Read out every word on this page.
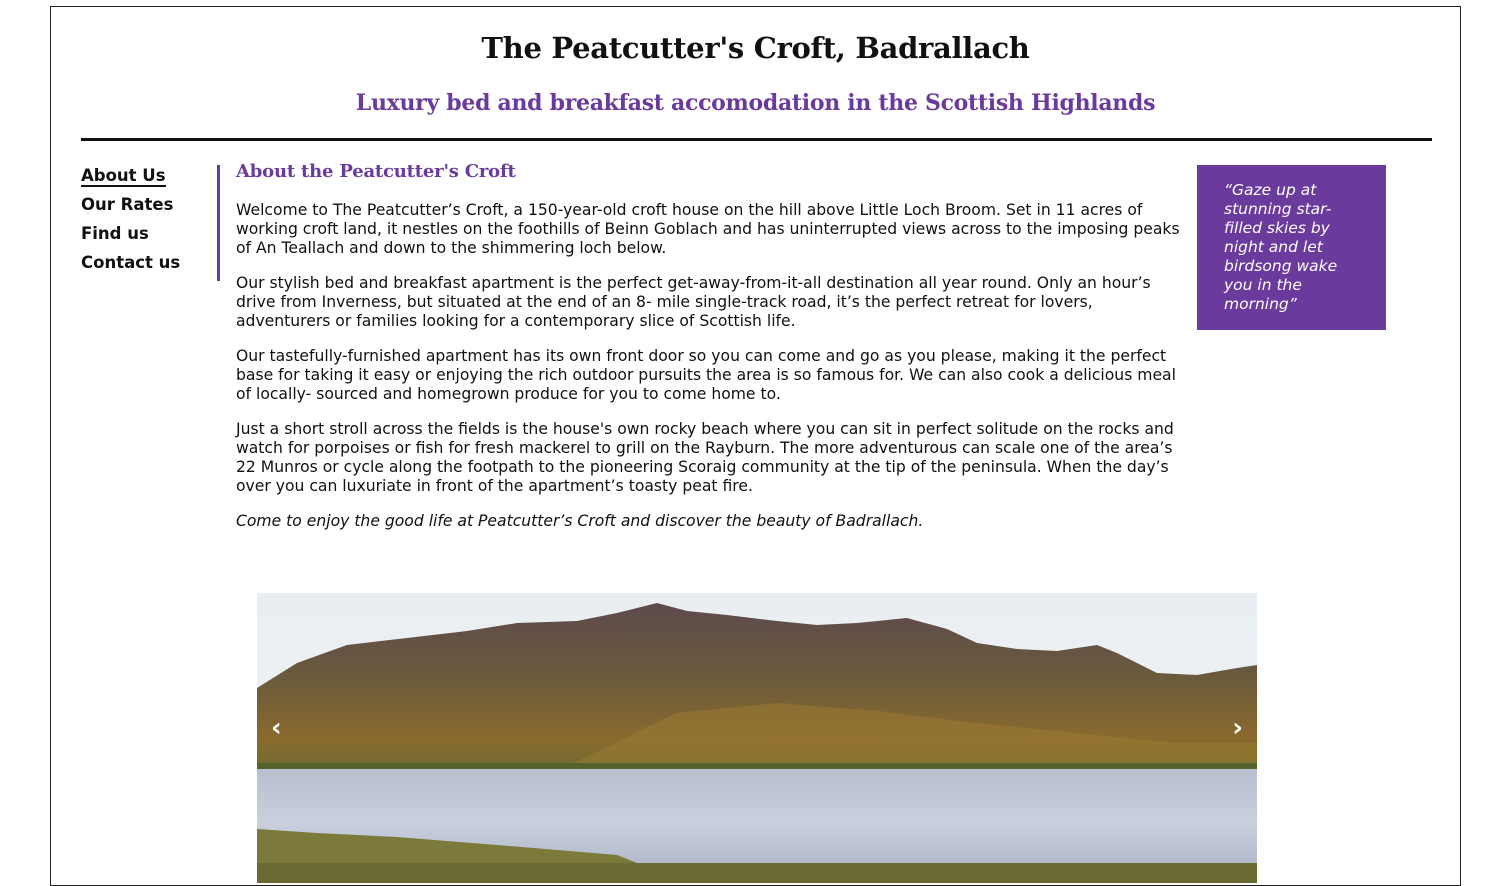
The Peatcutter's Croft, Badrallach
Luxury bed and breakfast accomodation in the Scottish Highlands
About Us
Our Rates
Find us
Contact us
About the Peatcutter's Croft

Welcome to The Peatcutter’s Croft, a 150-year-old croft house on the hill above Little Loch Broom. Set in 11 acres of working croft land, it nestles on the foothills of Beinn Goblach and has uninterrupted views across to the imposing peaks of An Teallach and down to the shimmering loch below.

Our stylish bed and breakfast apartment is the perfect get-away-from-it-all destination all year round. Only an hour’s drive from Inverness, but situated at the end of an 8- mile single-track road, it’s the perfect retreat for lovers, adventurers or families looking for a contemporary slice of Scottish life.

Our tastefully-furnished apartment has its own front door so you can come and go as you please, making it the perfect base for taking it easy or enjoying the rich outdoor pursuits the area is so famous for. We can also cook a delicious meal of locally- sourced and homegrown produce for you to come home to.

Just a short stroll across the fields is the house's own rocky beach where you can sit in perfect solitude on the rocks and watch for porpoises or fish for fresh mackerel to grill on the Rayburn. The more adventurous can scale one of the area’s 22 Munros or cycle along the footpath to the pioneering Scoraig community at the tip of the peninsula. When the day’s over you can luxuriate in front of the apartment’s toasty peat fire.

Come to enjoy the good life at Peatcutter’s Croft and discover the beauty of Badrallach.

“Gaze up at stunning star-filled skies by night and let birdsong wake you in the morning”
‹	›
